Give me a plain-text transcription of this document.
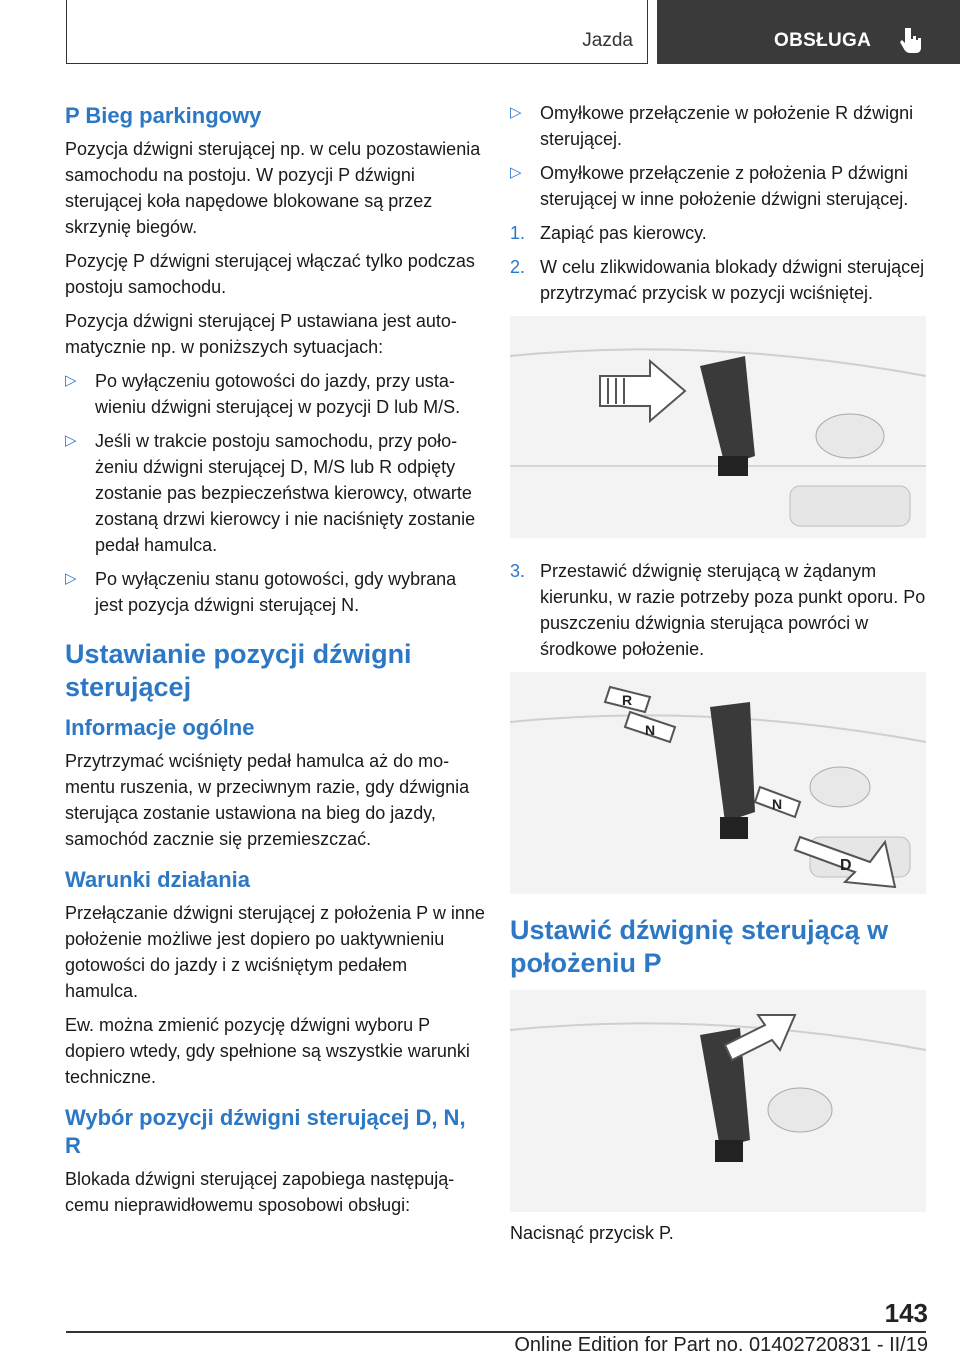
Jazda	OBSŁUGA
P Bieg parkingowy

Pozycja dźwigni sterującej np. w celu pozostawienia samochodu na postoju. W pozycji P dźwigni sterującej koła napędowe blokowane są przez skrzynię biegów.

Pozycję P dźwigni sterującej włączać tylko podczas postoju samochodu.

Pozycja dźwigni sterującej P ustawiana jest automatycznie np. w poniższych sytuacjach:

▷ Po wyłączeniu gotowości do jazdy, przy ustawieniu dźwigni sterującej w pozycji D lub M/S.
▷ Jeśli w trakcie postoju samochodu, przy położeniu dźwigni sterującej D, M/S lub R odpięty zostanie pas bezpieczeństwa kierowcy, otwarte zostaną drzwi kierowcy i nie naciśnięty zostanie pedał hamulca.
▷ Po wyłączeniu stanu gotowości, gdy wybrana jest pozycja dźwigni sterującej N.
Ustawianie pozycji dźwigni sterującej
Informacje ogólne

Przytrzymać wciśnięty pedał hamulca aż do momentu ruszenia, w przeciwnym razie, gdy dźwignia sterująca zostanie ustawiona na bieg do jazdy, samochód zacznie się przemieszczać.

Warunki działania

Przełączanie dźwigni sterującej z położenia P w inne położenie możliwe jest dopiero po uaktywnieniu gotowości do jazdy i z wciśniętym pedałem hamulca.

Ew. można zmienić pozycję dźwigni wyboru P dopiero wtedy, gdy spełnione są wszystkie warunki techniczne.

Wybór pozycji dźwigni sterującej D, N, R

Blokada dźwigni sterującej zapobiega następującemu nieprawidłowemu sposobowi obsługi:

▷ Omyłkowe przełączenie w położenie R dźwigni sterującej.
▷ Omyłkowe przełączenie z położenia P dźwigni sterującej w inne położenie dźwigni sterującej.
1. Zapiąć pas kierowcy.
2. W celu zlikwidowania blokady dźwigni sterującej przytrzymać przycisk w pozycji wciśniętej.
3. Przestawić dźwignię sterującą w żądanym kierunku, w razie potrzeby poza punkt oporu. Po puszczeniu dźwignia sterująca powróci w środkowe położenie.
R
N
N
D
Ustawić dźwignię sterującą w położeniu P
Nacisnąć przycisk P.
143
Online Edition for Part no. 01402720831 - II/19
